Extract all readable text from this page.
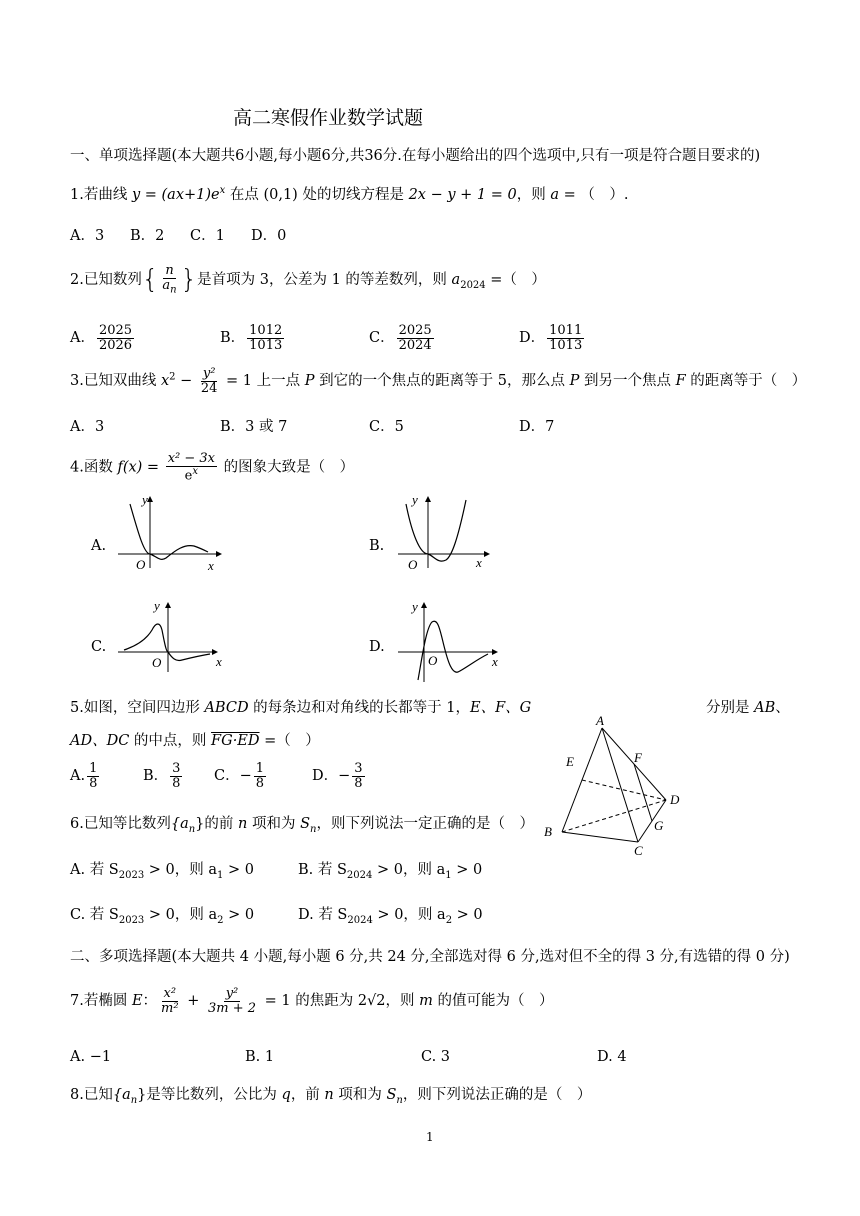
高二寒假作业数学试题
一、单项选择题(本大题共6小题,每小题6分,共36分.在每小题给出的四个选项中,只有一项是符合题目要求的)
1.若曲线 $y = (ax+1)e^x$ 在点 (0,1) 处的切线方程是 2x − y + 1 = 0，则 a = （　）.
A．3 B．2 C．1 D．0
2.已知数列{ $\frac{n}{a_n}$ }是首项为 3，公差为 1 的等差数列，则 $a_{2024}$ =（　）
A． $\frac{2025}{2026}$	B． $\frac{1012}{1013}$	C． $\frac{2025}{2024}$	D． $\frac{1011}{1013}$
3.已知双曲线 $x^2 - \frac{\text{y²}}{24} = 1$ 上一点 P 到它的一个焦点的距离等于 5，那么点 P 到另一个焦点 F 的距离等于（　）
A．3	B．3 或 7	C．5	D．7
4.函数 $f(x) = \frac{\text{x² − 3x}}{e^x}$ 的图象大致是（　）
A.	B.
C.	D.
y
O	x
y
O	x
y
O	x
y
O	x
5.如图，空间四边形 ABCD 的每条边和对角线的长都等于 1，E、F、G	分别是 AB、
AD、DC 的中点，则 FG·ED =（　）
A. $\frac{1}{8}$	B． $\frac{3}{8}$ C．− $\frac{1}{8}$	D．− $\frac{3}{8}$
A
E	F
B
D
G
C
6.已知等比数列$\{a_n\}$的前 n 项和为 $S_n$，则下列说法一定正确的是（　）
A. 若 $S_{2023} > 0$，则 $a_1 > 0$	B. 若 $S_{2024} > 0$，则 $a_1 > 0$
C. 若 $S_{2023} > 0$，则 $a_2 > 0$	D. 若 $S_{2024} > 0$，则 $a_2 > 0$
二、多项选择题(本大题共 4 小题,每小题 6 分,共 24 分,全部选对得 6 分,选对但不全的得 3 分,有选错的得 0 分)
7.若椭圆 E： $\frac{\text{x²}}{\text{m²}} + \frac{\text{y²}}{3m + 2} = 1$ 的焦距为 2√2，则 m 的值可能为（　）
A. −1	B. 1	C. 3	D. 4
8.已知$\{a_n\}$是等比数列，公比为 q，前 n 项和为 $S_n$，则下列说法正确的是（　）
1
